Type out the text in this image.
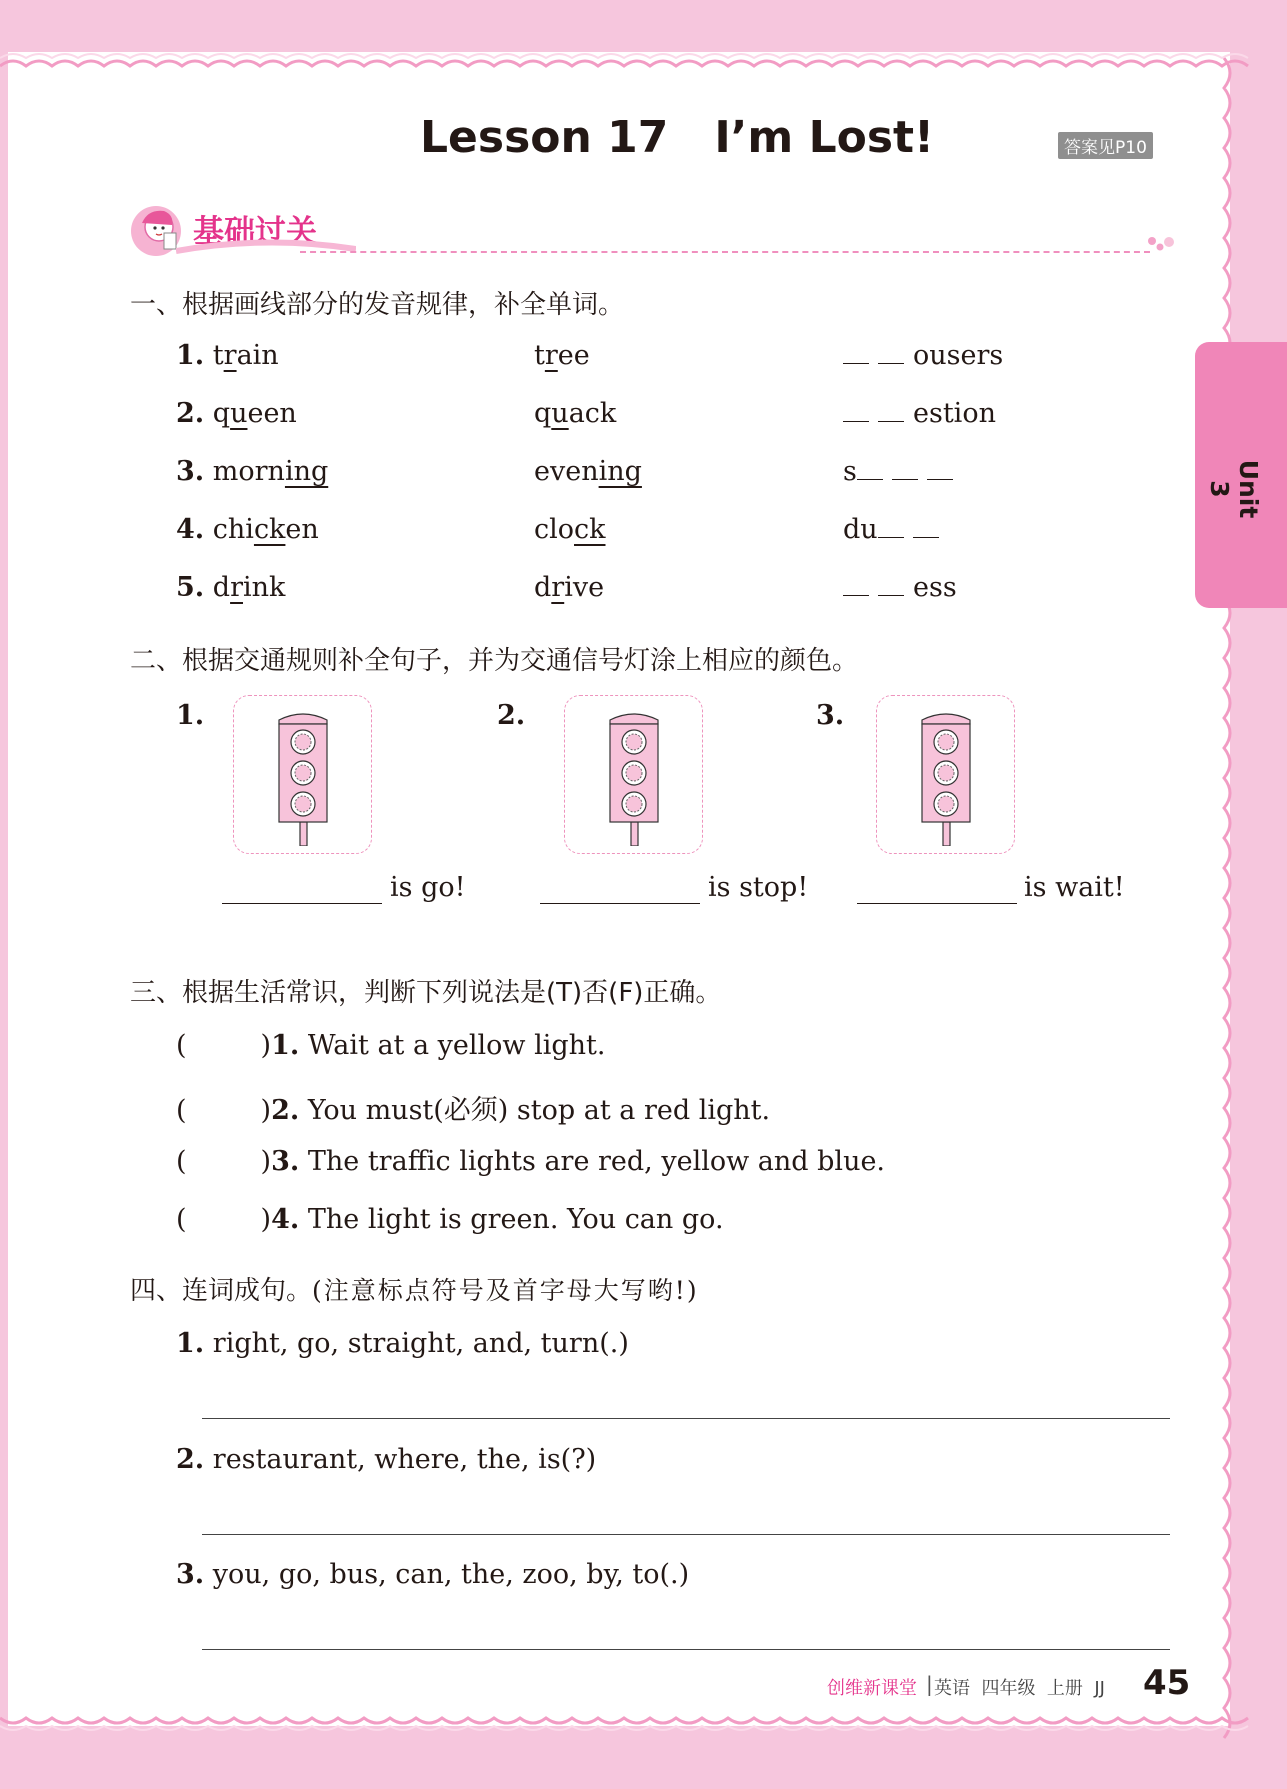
Lesson 17   I’m Lost!	答案见P10
基础过关
一、根据画线部分的发音规律，补全单词。
1. train	tree	ousers
2. queen	quack	estion
3. morning	evening	s
4. chicken	clock	du
5. drink	drive	ess
二、根据交通规则补全句子，并为交通信号灯涂上相应的颜色。
1.
is go!
2.
is stop!
3.
is wait!
三、根据生活常识，判断下列说法是(T)否(F)正确。
(	)1. Wait at a yellow light.
(	)2. You must(必须) stop at a red light.
(	)3. The traffic lights are red, yellow and blue.
(	)4. The light is green. You can go.
四、连词成句。(注意标点符号及首字母大写哟!)
1. right, go, straight, and, turn(.)
2. restaurant, where, the, is(?)
3. you, go, bus, can, the, zoo, by, to(.)
Unit 3
创维新课堂 | 英语  四年级  上册  JJ 45
